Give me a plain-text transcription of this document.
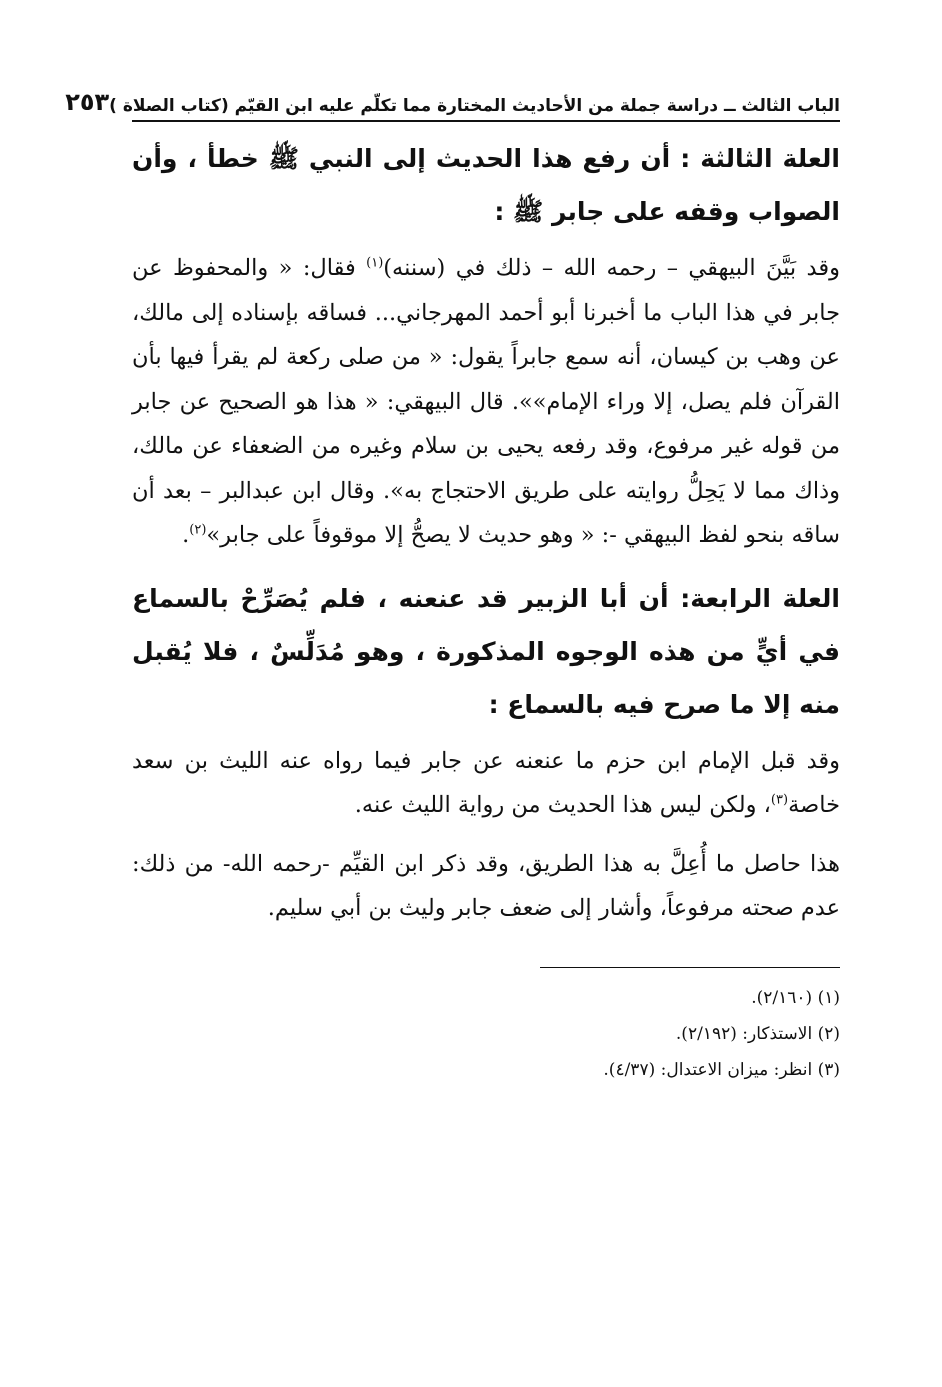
الباب الثالث ــ دراسة جملة من الأحاديث المختارة مما تكلّم عليه ابن القيّم (كتاب الصلاة )
٢٥٣
العلة الثالثة : أن رفع هذا الحديث إلى النبي ﷺ خطأ ، وأن الصواب وقفه على جابر ﷺ :

وقد بَيَّنَ البيهقي – رحمه الله – ذلك في (سننه)$^{(١)}$ فقال: « والمحفوظ عن جابر في هذا الباب ما أخبرنا أبو أحمد المهرجاني... فساقه بإسناده إلى مالك، عن وهب بن كيسان، أنه سمع جابراً يقول: « من صلى ركعة لم يقرأ فيها بأن القرآن فلم يصل، إلا وراء الإمام»». قال البيهقي: « هذا هو الصحيح عن جابر من قوله غير مرفوع، وقد رفعه يحيى بن سلام وغيره من الضعفاء عن مالك، وذاك مما لا يَحِلُّ روايته على طريق الاحتجاج به». وقال ابن عبدالبر – بعد أن ساقه بنحو لفظ البيهقي -: « وهو حديث لا يصحُّ إلا موقوفاً على جابر»$^{(٢)}$.

العلة الرابعة: أن أبا الزبير قد عنعنه ، فلم يُصَرِّحْ بالسماع في أيٍّ من هذه الوجوه المذكورة ، وهو مُدَلِّسٌ ، فلا يُقبل منه إلا ما صرح فيه بالسماع :

وقد قبل الإمام ابن حزم ما عنعنه عن جابر فيما رواه عنه الليث بن سعد خاصة$^{(٣)}$، ولكن ليس هذا الحديث من رواية الليث عنه.

هذا حاصل ما أُعِلَّ به هذا الطريق، وقد ذكر ابن القيِّم -رحمه الله- من ذلك: عدم صحته مرفوعاً، وأشار إلى ضعف جابر وليث بن أبي سليم.

(١) (٢/١٦٠).

(٢) الاستذكار: (٢/١٩٢).

(٣) انظر: ميزان الاعتدال: (٤/٣٧).
